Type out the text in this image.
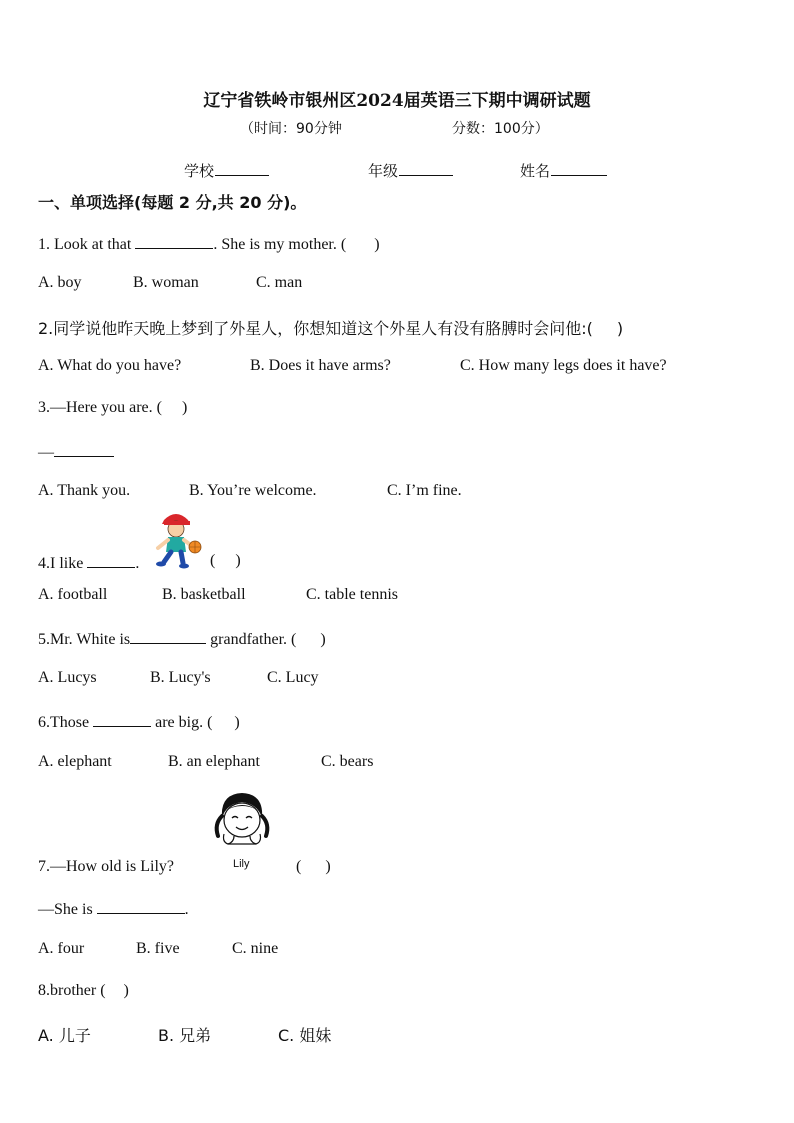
辽宁省铁岭市银州区2024届英语三下期中调研试题
（时间：90分钟	分数：100分）
学校	年级	姓名
一、单项选择(每题 2 分,共 20 分)。
1. Look at that	. She is my mother. ( )
A. boy	B. woman	C. man
2.同学说他昨天晚上梦到了外星人，你想知道这个外星人有没有胳膊时会问他:( )
A. What do you have?	B. Does it have arms?	C. How many legs does it have?
3.—Here you are. ( )
—
A. Thank you.	B. You’re welcome.	C. I’m fine.
4.I like	.	( )
A. football	B. basketball	C. table tennis
5.Mr. White is	grandfather. ( )
A. Lucys	B. Lucy's	C. Lucy
6.Those	are big. ( )
A. elephant	B. an elephant	C. bears
Lily
7.—How old is Lily?	( )
—She is	.
A. four	B. five	C. nine
8.brother ( )
A. 儿子	B. 兄弟	C. 姐妹
